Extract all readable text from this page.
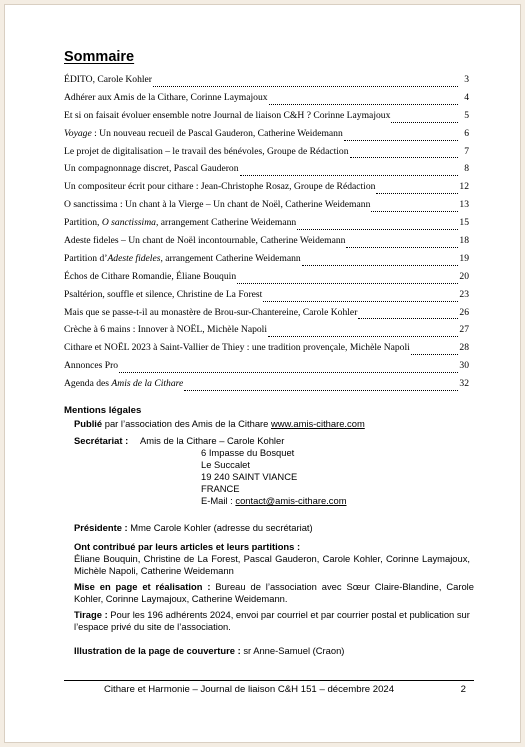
Sommaire
ÉDITO, Carole Kohler	3
Adhérer aux Amis de la Cithare, Corinne Laymajoux	4
Et si on faisait évoluer ensemble notre Journal de liaison C&H ? Corinne Laymajoux	5
Voyage : Un nouveau recueil de Pascal Gauderon, Catherine Weidemann	6
Le projet de digitalisation – le travail des bénévoles, Groupe de Rédaction	7
Un compagnonnage discret, Pascal Gauderon	8
Un compositeur écrit pour cithare : Jean-Christophe Rosaz, Groupe de Rédaction	12
O sanctissima : Un chant à la Vierge – Un chant de Noël, Catherine Weidemann	13
Partition, O sanctissima, arrangement Catherine Weidemann	15
Adeste fideles – Un chant de Noël incontournable, Catherine Weidemann	18
Partition d’Adeste fideles, arrangement Catherine Weidemann	19
Échos de Cithare Romandie, Éliane Bouquin	20
Psaltérion, souffle et silence, Christine de La Forest	23
Mais que se passe-t-il au monastère de Brou-sur-Chantereine, Carole Kohler	26
Crèche à 6 mains : Innover à NOËL, Michèle Napoli	27
Cithare et NOËL 2023 à Saint-Vallier de Thiey : une tradition provençale, Michèle Napoli	28
Annonces Pro	30
Agenda des Amis de la Cithare	32
Mentions légales
Publié par l’association des Amis de la Cithare www.amis-cithare.com
Secrétariat : Amis de la Cithare – Carole Kohler
6 Impasse du Bosquet
Le Succalet
19 240 SAINT VIANCE
FRANCE
E-Mail : contact@amis-cithare.com
Présidente : Mme Carole Kohler (adresse du secrétariat)
Ont contribué par leurs articles et leurs partitions :
Éliane Bouquin, Christine de La Forest, Pascal Gauderon, Carole Kohler, Corinne Laymajoux, Michèle Napoli, Catherine Weidemann
Mise en page et réalisation : Bureau de l’association avec Sœur Claire-Blandine, Carole Kohler, Corinne Laymajoux, Catherine Weidemann.
Tirage : Pour les 196 adhérents 2024, envoi par courriel et par courrier postal et publication sur l’espace privé du site de l’association.
Illustration de la page de couverture : sr Anne-Samuel (Craon)
Cithare et Harmonie – Journal de liaison C&H 151 – décembre 2024	2
